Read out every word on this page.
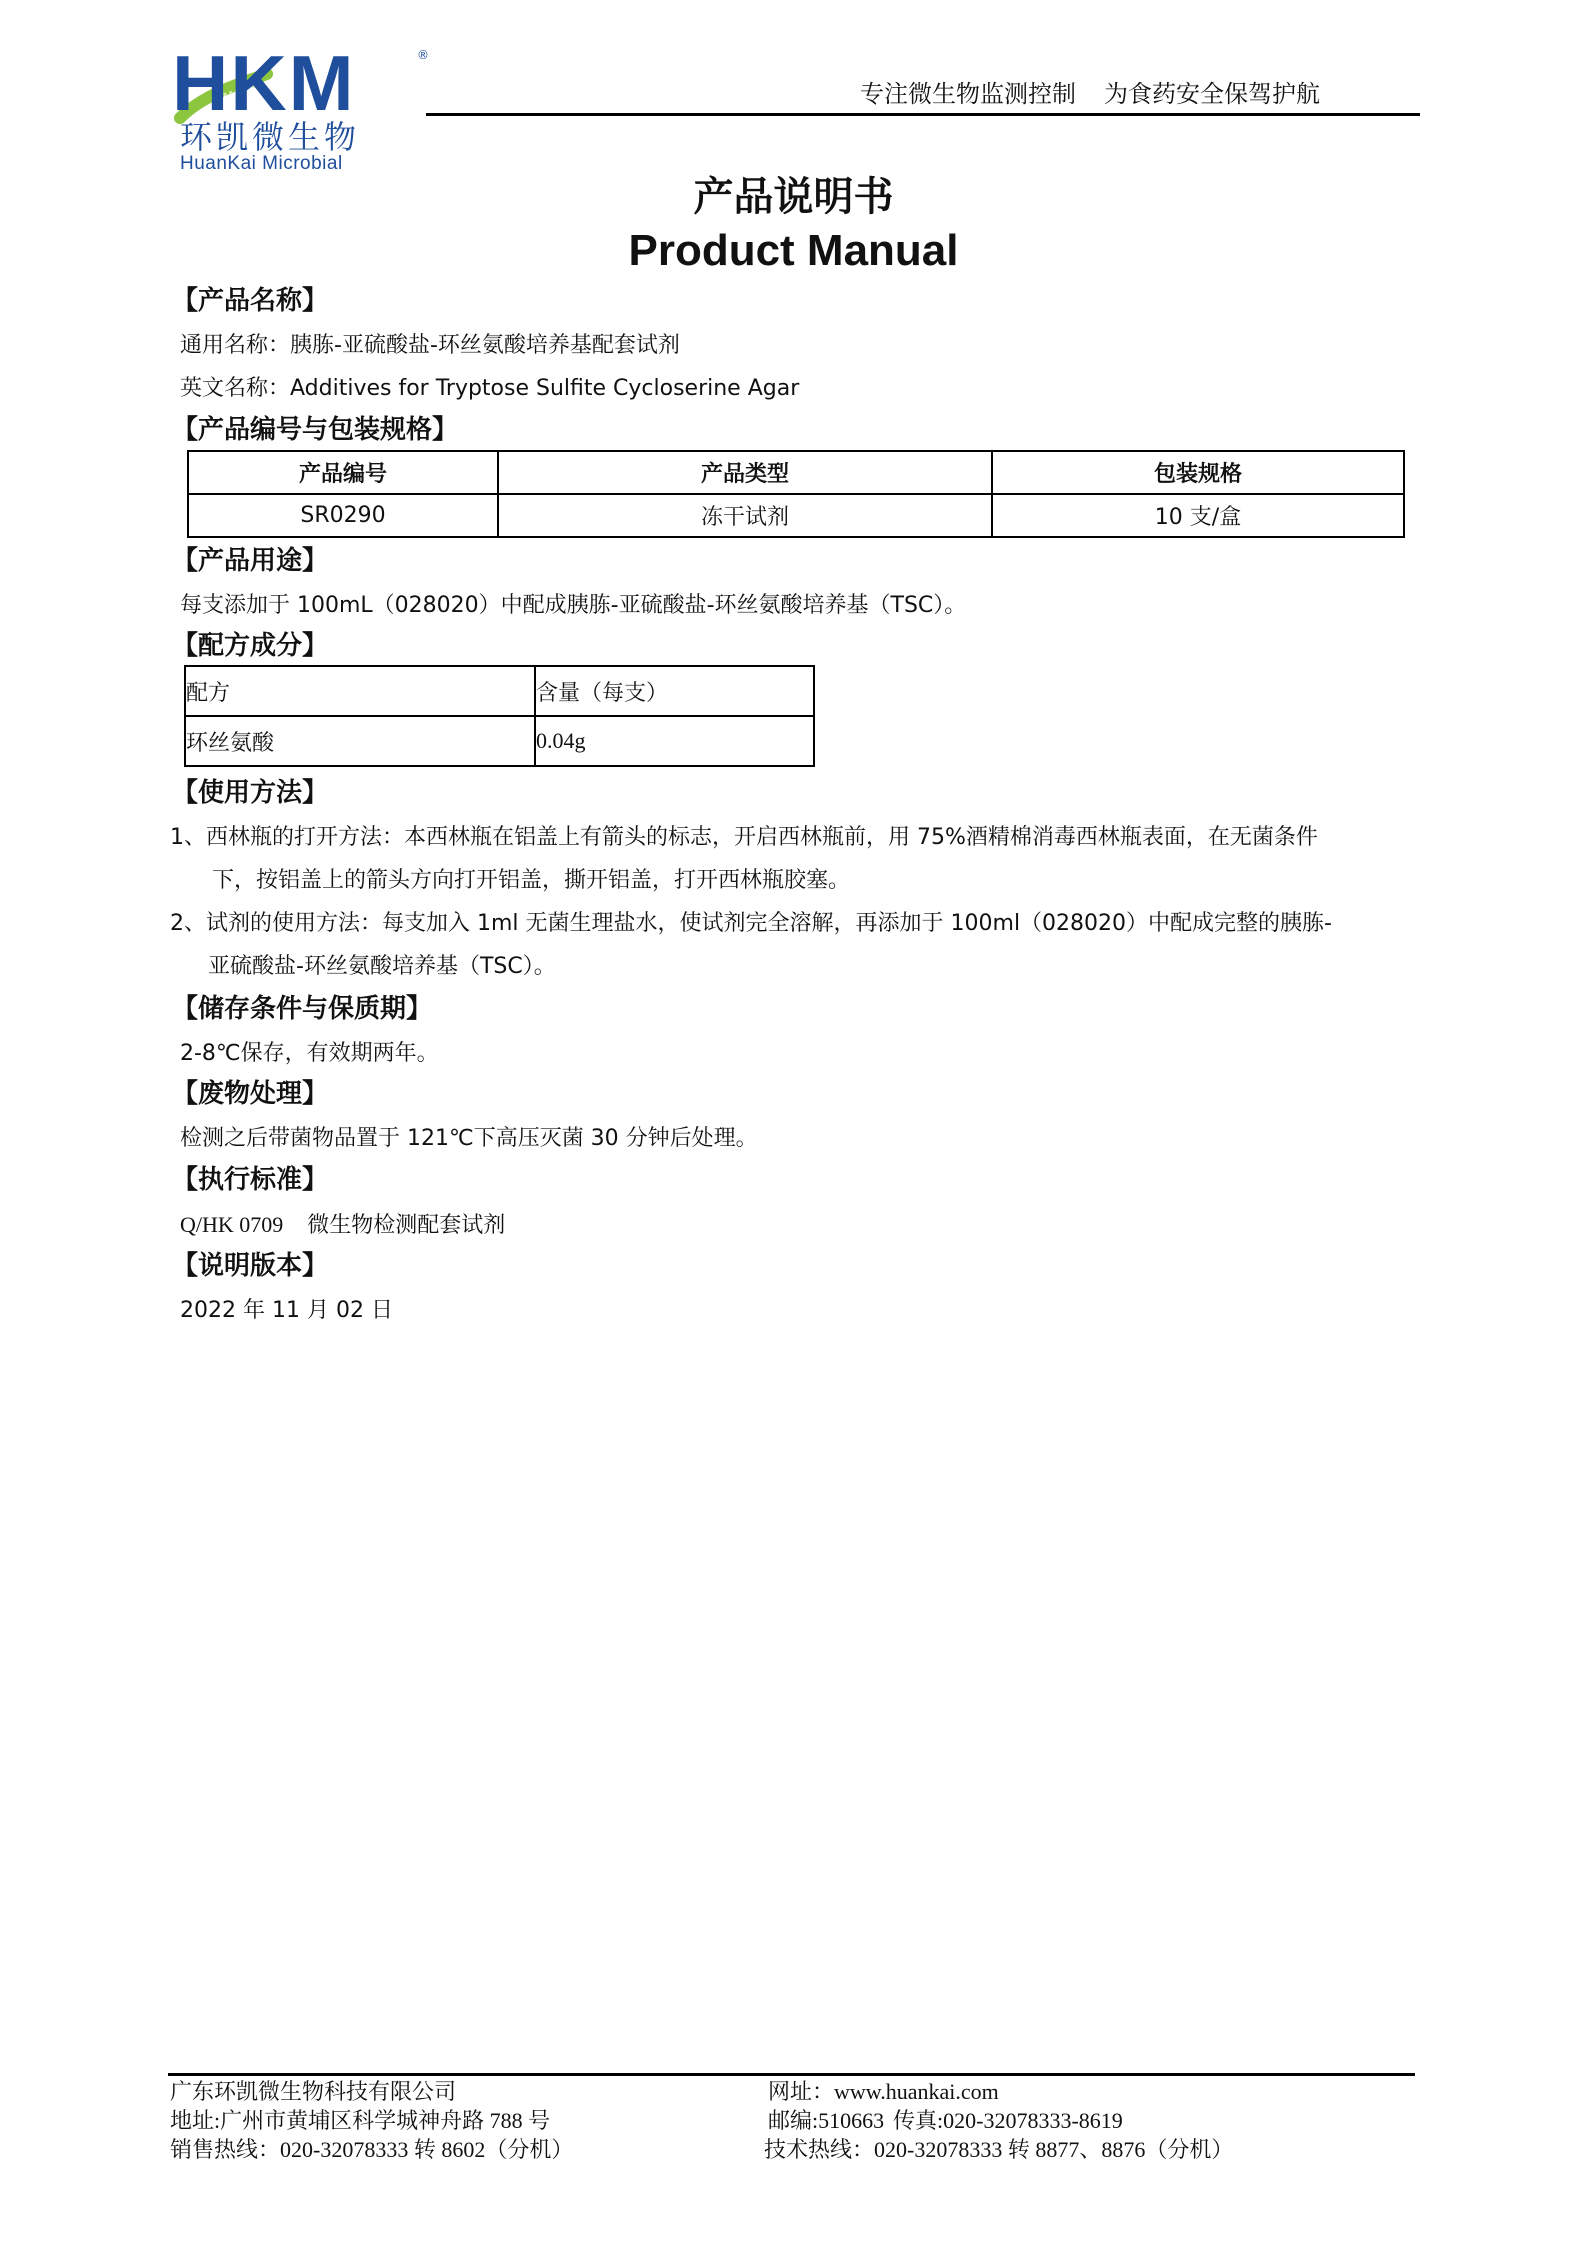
HKM	®
环凯微生物
HuanKai Microbial
专注微生物监测控制 为食药安全保驾护航
产品说明书
Product Manual
【产品名称】
通用名称：胰胨-亚硫酸盐-环丝氨酸培养基配套试剂
英文名称：Additives for Tryptose Sulfite Cycloserine Agar
【产品编号与包装规格】
产品编号	产品类型	包装规格
SR0290	冻干试剂	10 支/盒
【产品用途】
每支添加于 100mL（028020）中配成胰胨-亚硫酸盐-环丝氨酸培养基（TSC）。
【配方成分】
配方	含量（每支）
环丝氨酸	0.04g
【使用方法】
1、西林瓶的打开方法：本西林瓶在铝盖上有箭头的标志，开启西林瓶前，用 75%酒精棉消毒西林瓶表面，在无菌条件
下，按铝盖上的箭头方向打开铝盖，撕开铝盖，打开西林瓶胶塞。
2、试剂的使用方法：每支加入 1ml 无菌生理盐水，使试剂完全溶解，再添加于 100ml（028020）中配成完整的胰胨-
亚硫酸盐-环丝氨酸培养基（TSC）。
【储存条件与保质期】
2-8℃保存，有效期两年。
【废物处理】
检测之后带菌物品置于 121℃下高压灭菌 30 分钟后处理。
【执行标准】
Q/HK 0709 微生物检测配套试剂
【说明版本】
2022 年 11 月 02 日
广东环凯微生物科技有限公司
地址:广州市黄埔区科学城神舟路 788 号
销售热线：020-32078333 转 8602（分机）
网址：www.huankai.com
邮编:510663 传真:020-32078333-8619
技术热线：020-32078333 转 8877、8876（分机）
